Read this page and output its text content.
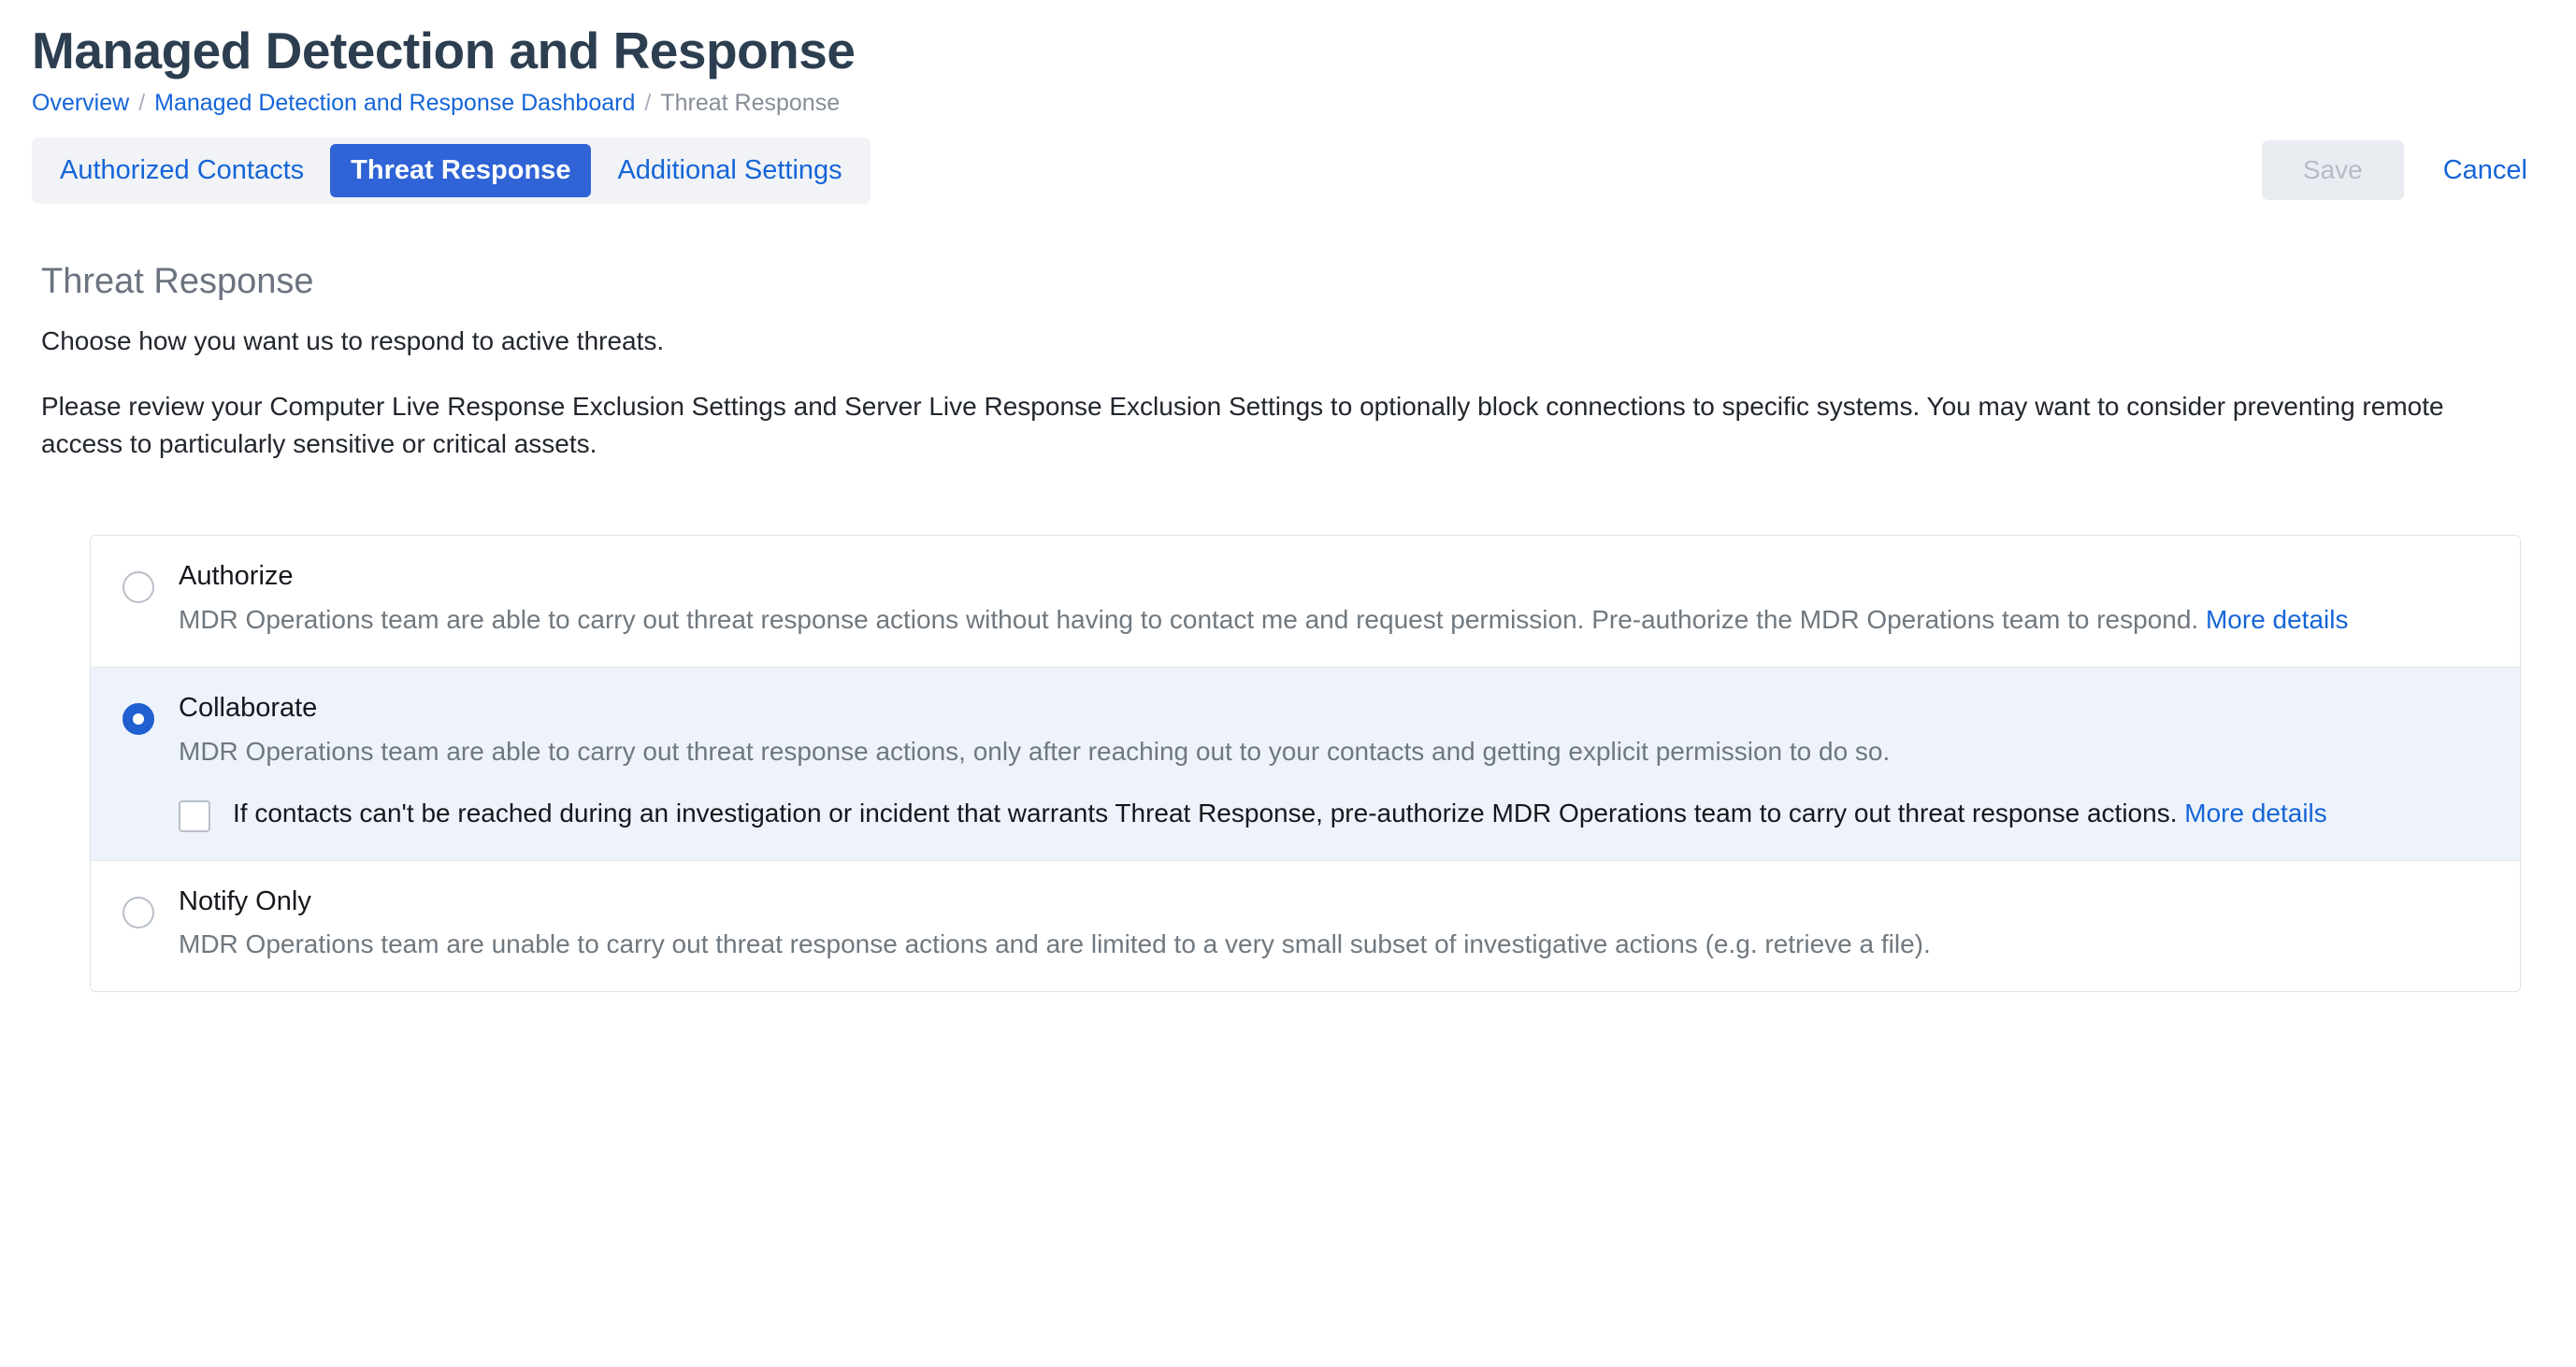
Managed Detection and Response
Overview / Managed Detection and Response Dashboard / Threat Response
Authorized Contacts	Threat Response	Additional Settings	Save	Cancel
Threat Response

Choose how you want us to respond to active threats.

Please review your Computer Live Response Exclusion Settings and Server Live Response Exclusion Settings to optionally block connections to specific systems. You may want to consider preventing remote access to particularly sensitive or critical assets.

Authorize

MDR Operations team are able to carry out threat response actions without having to contact me and request permission. Pre-authorize the MDR Operations team to respond. More details

Collaborate

MDR Operations team are able to carry out threat response actions, only after reaching out to your contacts and getting explicit permission to do so.

If contacts can't be reached during an investigation or incident that warrants Threat Response, pre-authorize MDR Operations team to carry out threat response actions. More details
Notify Only

MDR Operations team are unable to carry out threat response actions and are limited to a very small subset of investigative actions (e.g. retrieve a file).
